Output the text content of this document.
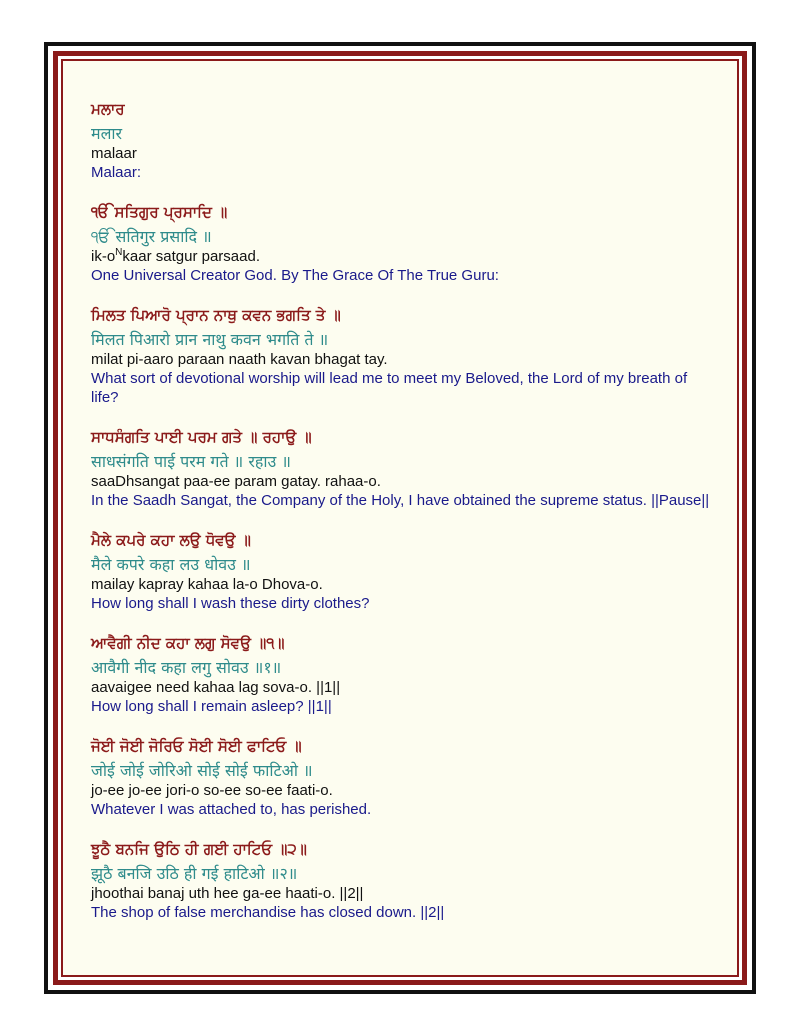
ਮਲਾਰ
मलार
malaar
Malaar:
ੴ ਸਤਿਗੁਰ ਪ੍ਰਸਾਦਿ ॥
ੴ सतिगुर प्रसादि ॥
$ik-o^Nkaar$ satgur parsaad.
One Universal Creator God. By The Grace Of The True Guru:
ਮਿਲਤ ਪਿਆਰੋ ਪ੍ਰਾਨ ਨਾਥੁ ਕਵਨ ਭਗਤਿ ਤੇ ॥
मिलत पिआरो प्रान नाथु कवन भगति ते ॥
milat pi-aaro paraan naath kavan bhagat tay.
What sort of devotional worship will lead me to meet my Beloved, the Lord of my breath of life?
ਸਾਧਸੰਗਤਿ ਪਾਈ ਪਰਮ ਗਤੇ ॥ ਰਹਾਉ ॥
साधसंगति पाई परम गते ॥ रहाउ ॥
saaDhsangat paa-ee param gatay. rahaa-o.
In the Saadh Sangat, the Company of the Holy, I have obtained the supreme status. ||Pause||
ਮੈਲੇ ਕਪਰੇ ਕਹਾ ਲਉ ਧੋਵਉ ॥
मैले कपरे कहा लउ धोवउ ॥
mailay kapray kahaa la-o Dhova-o.
How long shall I wash these dirty clothes?
ਆਵੈਗੀ ਨੀਦ ਕਹਾ ਲਗੁ ਸੋਵਉ ॥੧॥
आवैगी नीद कहा लगु सोवउ ॥१॥
aavaigee need kahaa lag sova-o. ||1||
How long shall I remain asleep? ||1||
ਜੋਈ ਜੋਈ ਜੋਰਿਓ ਸੋਈ ਸੋਈ ਫਾਟਿਓ ॥
जोई जोई जोरिओ सोई सोई फाटिओ ॥
jo-ee jo-ee jori-o so-ee so-ee faati-o.
Whatever I was attached to, has perished.
ਝੂਠੈ ਬਨਜਿ ਉਠਿ ਹੀ ਗਈ ਹਾਟਿਓ ॥੨॥
झूठै बनजि उठि ही गई हाटिओ ॥२॥
jhoothai banaj uth hee ga-ee haati-o. ||2||
The shop of false merchandise has closed down. ||2||
